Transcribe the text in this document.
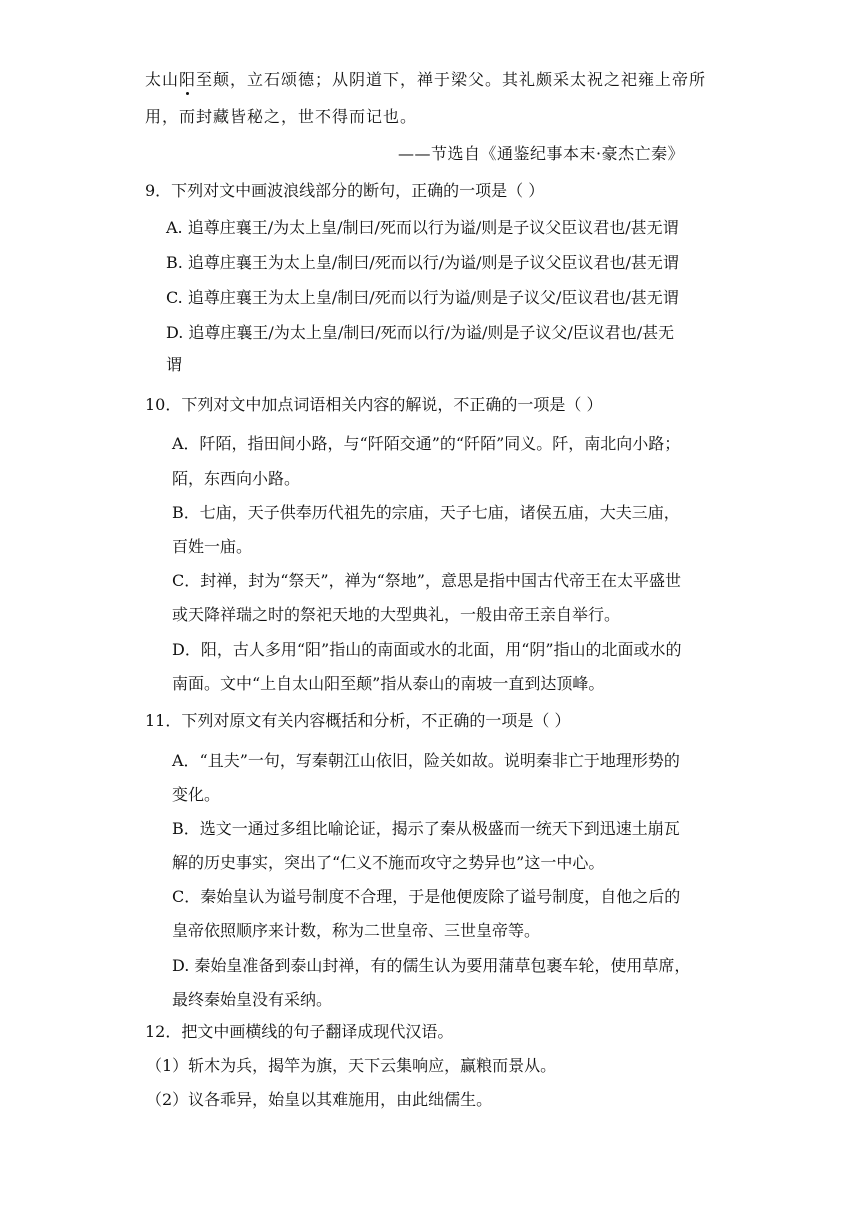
太山阳至颠，立石颂德；从阴道下，禅于梁父。其礼颇采太祝之祀雍上帝所
用，而封藏皆秘之，世不得而记也。
——节选自《通鉴纪事本末·豪杰亡秦》
9．下列对文中画波浪线部分的断句，正确的一项是（ ）
A. 追尊庄襄王/为太上皇/制曰/死而以行为谥/则是子议父臣议君也/甚无谓
B. 追尊庄襄王为太上皇/制曰/死而以行/为谥/则是子议父臣议君也/甚无谓
C. 追尊庄襄王为太上皇/制曰/死而以行为谥/则是子议父/臣议君也/甚无谓
D. 追尊庄襄王/为太上皇/制曰/死而以行/为谥/则是子议父/臣议君也/甚无
谓
10．下列对文中加点词语相关内容的解说，不正确的一项是（ ）
A．阡陌，指田间小路，与“阡陌交通”的“阡陌”同义。阡，南北向小路；
陌，东西向小路。
B．七庙，天子供奉历代祖先的宗庙，天子七庙，诸侯五庙，大夫三庙，
百姓一庙。
C．封禅，封为“祭天”，禅为“祭地”，意思是指中国古代帝王在太平盛世
或天降祥瑞之时的祭祀天地的大型典礼，一般由帝王亲自举行。
D．阳，古人多用“阳”指山的南面或水的北面，用“阴”指山的北面或水的
南面。文中“上自太山阳至颠”指从泰山的南坡一直到达顶峰。
11．下列对原文有关内容概括和分析，不正确的一项是（ ）
A．“且夫”一句，写秦朝江山依旧，险关如故。说明秦非亡于地理形势的
变化。
B．选文一通过多组比喻论证，揭示了秦从极盛而一统天下到迅速土崩瓦
解的历史事实，突出了“仁义不施而攻守之势异也”这一中心。
C．秦始皇认为谥号制度不合理，于是他便废除了谥号制度，自他之后的
皇帝依照顺序来计数，称为二世皇帝、三世皇帝等。
D. 秦始皇准备到泰山封禅，有的儒生认为要用蒲草包裹车轮，使用草席，
最终秦始皇没有采纳。
12．把文中画横线的句子翻译成现代汉语。
（1）斩木为兵，揭竿为旗，天下云集响应，赢粮而景从。
（2）议各乖异，始皇以其难施用，由此绌儒生。
